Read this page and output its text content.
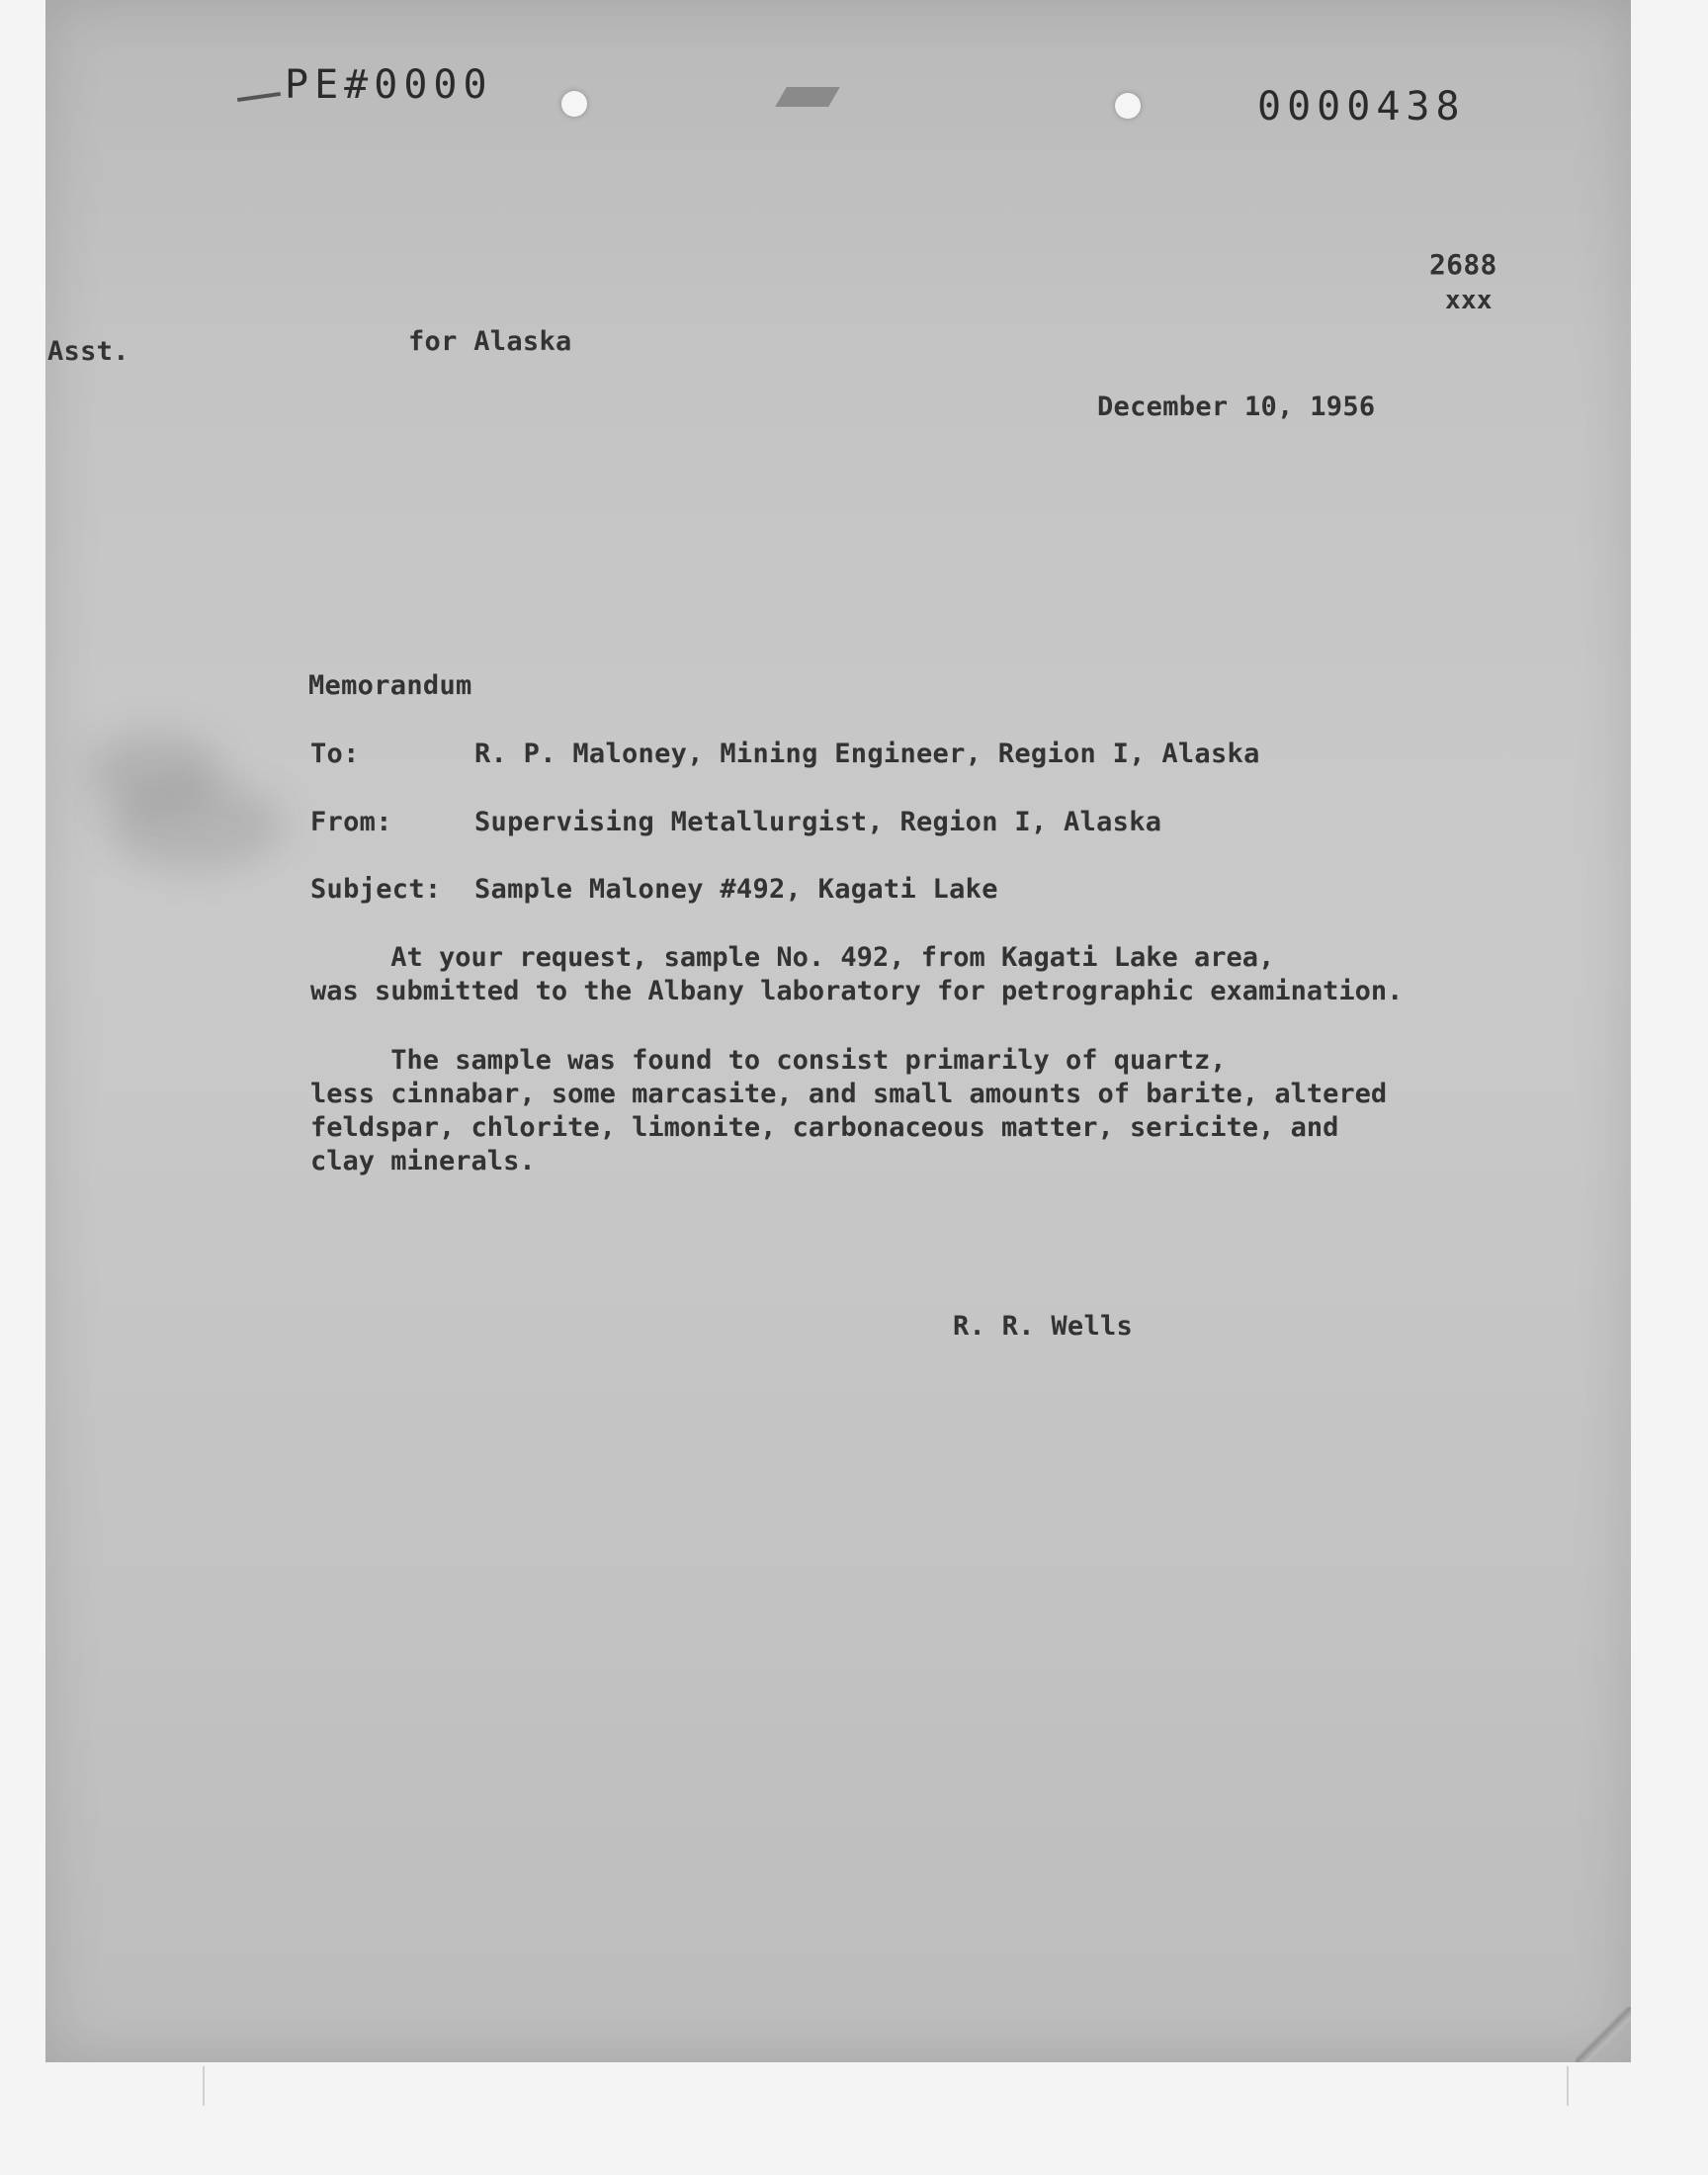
PE#0000	0000438
2688
xxx
Asst.	for Alaska
December 10, 1956
Memorandum
To:	R. P. Maloney, Mining Engineer, Region I, Alaska
From:	Supervising Metallurgist, Region I, Alaska
Subject: Sample Maloney #492, Kagati Lake
At your request, sample No. 492, from Kagati Lake area,
was submitted to the Albany laboratory for petrographic examination.
The sample was found to consist primarily of quartz,
less cinnabar, some marcasite, and small amounts of barite, altered
feldspar, chlorite, limonite, carbonaceous matter, sericite, and
clay minerals.
R. R. Wells
